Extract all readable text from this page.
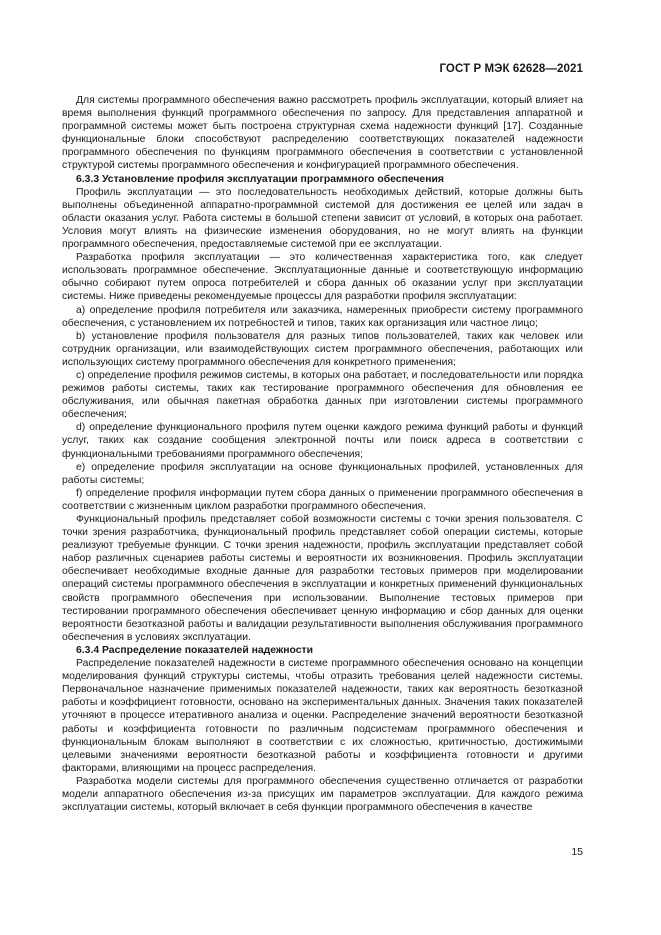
ГОСТ Р МЭК 62628—2021

Для системы программного обеспечения важно рассмотреть профиль эксплуатации, который влияет на время выполнения функций программного обеспечения по запросу. Для представления аппаратной и программной системы может быть построена структурная схема надежности функций [17]. Созданные функциональные блоки способствуют распределению соответствующих показателей надежности программного обеспечения по функциям программного обеспечения в соответствии с установленной структурой системы программного обеспечения и конфигурацией программного обеспечения.

6.3.3 Установление профиля эксплуатации программного обеспечения

Профиль эксплуатации — это последовательность необходимых действий, которые должны быть выполнены объединенной аппаратно-программной системой для достижения ее целей или задач в области оказания услуг. Работа системы в большой степени зависит от условий, в которых она работает. Условия могут влиять на физические изменения оборудования, но не могут влиять на функции программного обеспечения, предоставляемые системой при ее эксплуатации.

Разработка профиля эксплуатации — это количественная характеристика того, как следует использовать программное обеспечение. Эксплуатационные данные и соответствующую информацию обычно собирают путем опроса потребителей и сбора данных об оказании услуг при эксплуатации системы. Ниже приведены рекомендуемые процессы для разработки профиля эксплуатации:

a) определение профиля потребителя или заказчика, намеренных приобрести систему программного обеспечения, с установлением их потребностей и типов, таких как организация или частное лицо;

b) установление профиля пользователя для разных типов пользователей, таких как человек или сотрудник организации, или взаимодействующих систем программного обеспечения, работающих или использующих систему программного обеспечения для конкретного применения;

c) определение профиля режимов системы, в которых она работает, и последовательности или порядка режимов работы системы, таких как тестирование программного обеспечения для обновления ее обслуживания, или обычная пакетная обработка данных при изготовлении системы программного обеспечения;

d) определение функционального профиля путем оценки каждого режима функций работы и функций услуг, таких как создание сообщения электронной почты или поиск адреса в соответствии с функциональными требованиями программного обеспечения;

e) определение профиля эксплуатации на основе функциональных профилей, установленных для работы системы;

f) определение профиля информации путем сбора данных о применении программного обеспечения в соответствии с жизненным циклом разработки программного обеспечения.

Функциональный профиль представляет собой возможности системы с точки зрения пользователя. С точки зрения разработчика, функциональный профиль представляет собой операции системы, которые реализуют требуемые функции. С точки зрения надежности, профиль эксплуатации представляет собой набор различных сценариев работы системы и вероятности их возникновения. Профиль эксплуатации обеспечивает необходимые входные данные для разработки тестовых примеров при моделировании операций системы программного обеспечения в эксплуатации и конкретных применений функциональных свойств программного обеспечения при использовании. Выполнение тестовых примеров при тестировании программного обеспечения обеспечивает ценную информацию и сбор данных для оценки вероятности безотказной работы и валидации результативности выполнения обслуживания программного обеспечения в условиях эксплуатации.

6.3.4 Распределение показателей надежности

Распределение показателей надежности в системе программного обеспечения основано на концепции моделирования функций структуры системы, чтобы отразить требования целей надежности системы. Первоначальное назначение применимых показателей надежности, таких как вероятность безотказной работы и коэффициент готовности, основано на экспериментальных данных. Значения таких показателей уточняют в процессе итеративного анализа и оценки. Распределение значений вероятности безотказной работы и коэффициента готовности по различным подсистемам программного обеспечения и функциональным блокам выполняют в соответствии с их сложностью, критичностью, достижимыми целевыми значениями вероятности безотказной работы и коэффициента готовности и другими факторами, влияющими на процесс распределения.

Разработка модели системы для программного обеспечения существенно отличается от разработки модели аппаратного обеспечения из-за присущих им параметров эксплуатации. Для каждого режима эксплуатации системы, который включает в себя функции программного обеспечения в качестве

15
